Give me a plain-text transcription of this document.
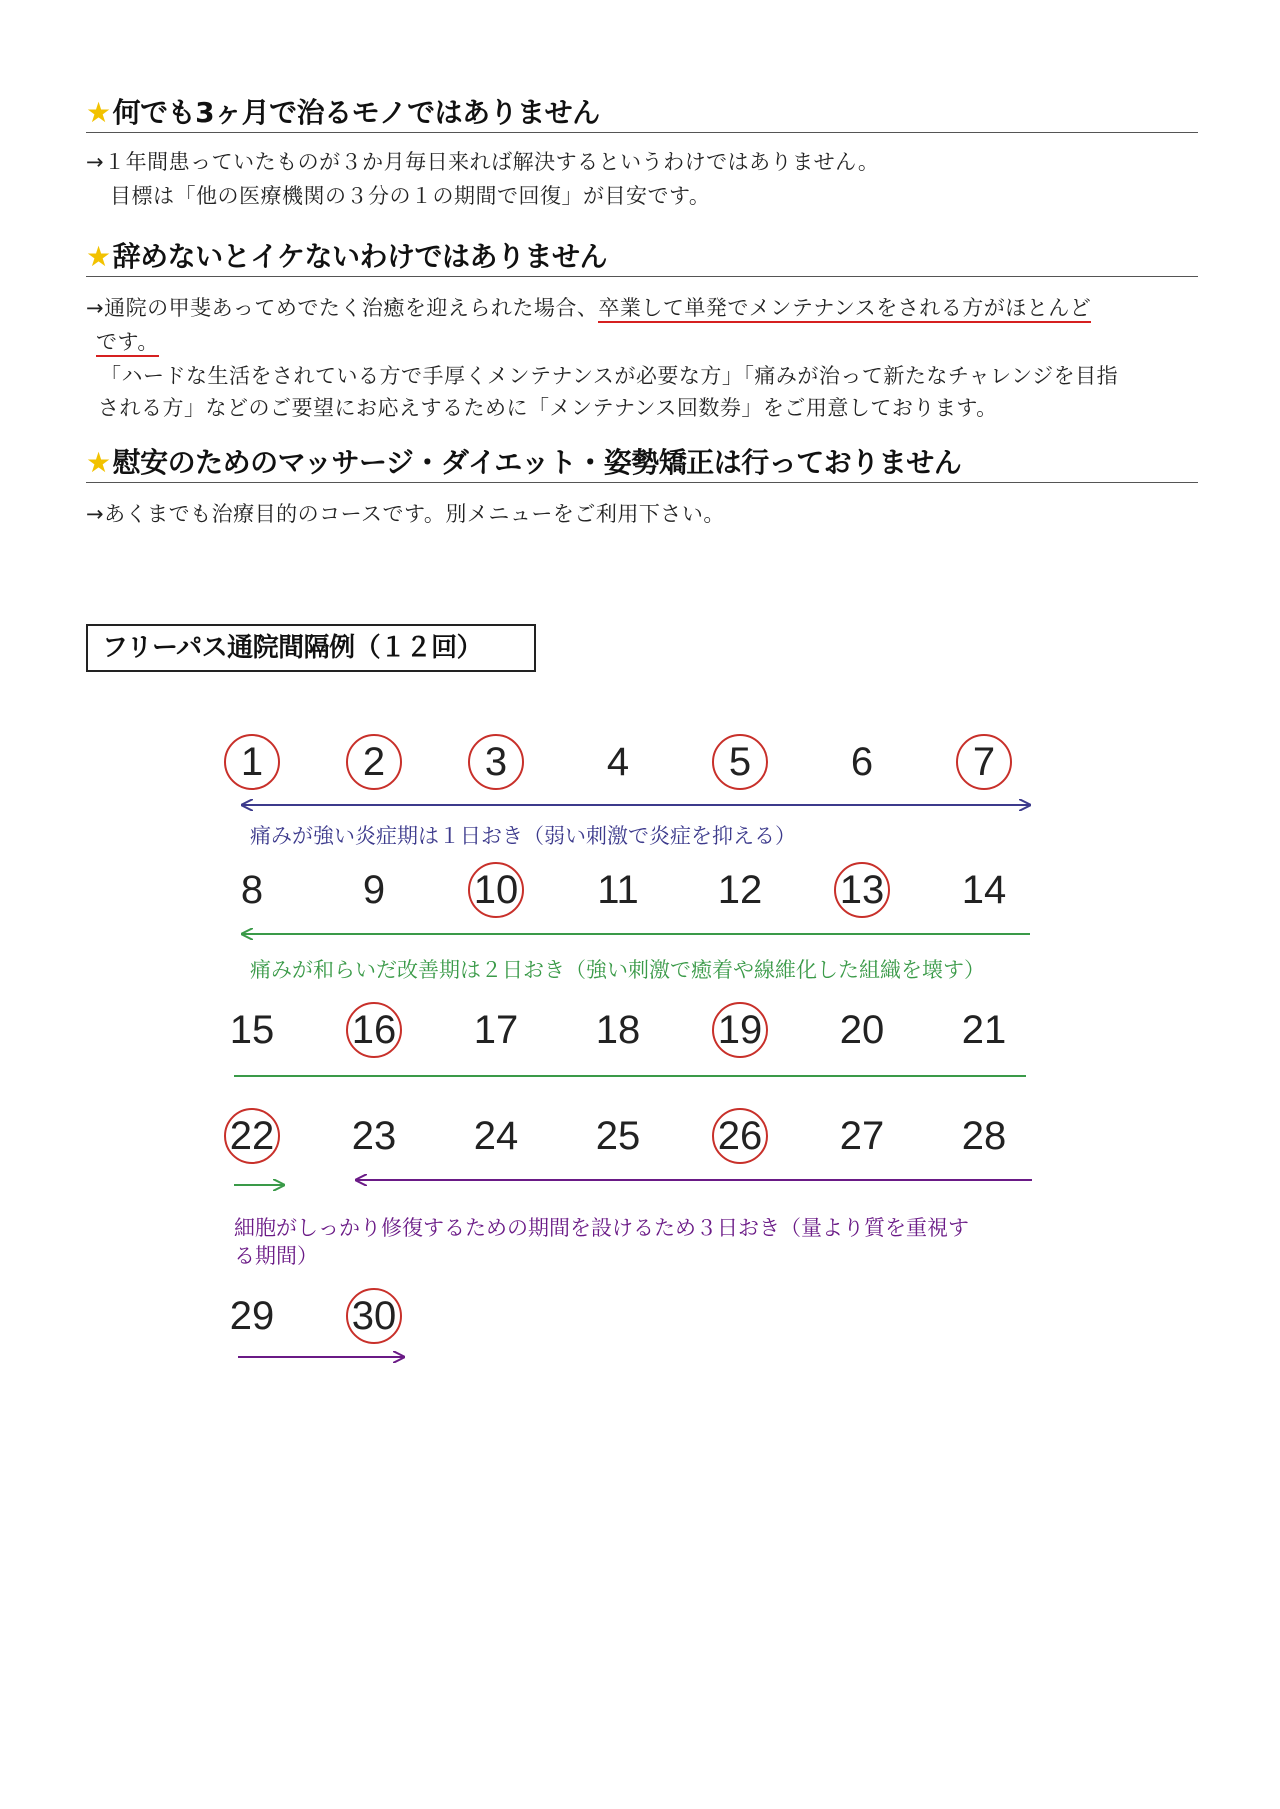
★何でも3ヶ月で治るモノではありません
→１年間患っていたものが３か月毎日来れば解決するというわけではありません。
目標は「他の医療機関の３分の１の期間で回復」が目安です。
★辞めないとイケないわけではありません
→通院の甲斐あってめでたく治癒を迎えられた場合、卒業して単発でメンテナンスをされる方がほとんど
です。
「ハードな生活をされている方で手厚くメンテナンスが必要な方」「痛みが治って新たなチャレンジを目指
される方」などのご要望にお応えするために「メンテナンス回数券」をご用意しております。
★慰安のためのマッサージ・ダイエット・姿勢矯正は行っておりません
→あくまでも治療目的のコースです。別メニューをご利用下さい。
フリーパス通院間隔例（１２回）
1	2	3	4	5	6	7
8	9	10 11 12 13 14
15 16 17 18 19 20 21
22 23 24 25 26 27 28
29 30
痛みが強い炎症期は１日おき（弱い刺激で炎症を抑える）
痛みが和らいだ改善期は２日おき（強い刺激で癒着や線維化した組織を壊す）
細胞がしっかり修復するための期間を設けるため３日おき（量より質を重視す
る期間）
